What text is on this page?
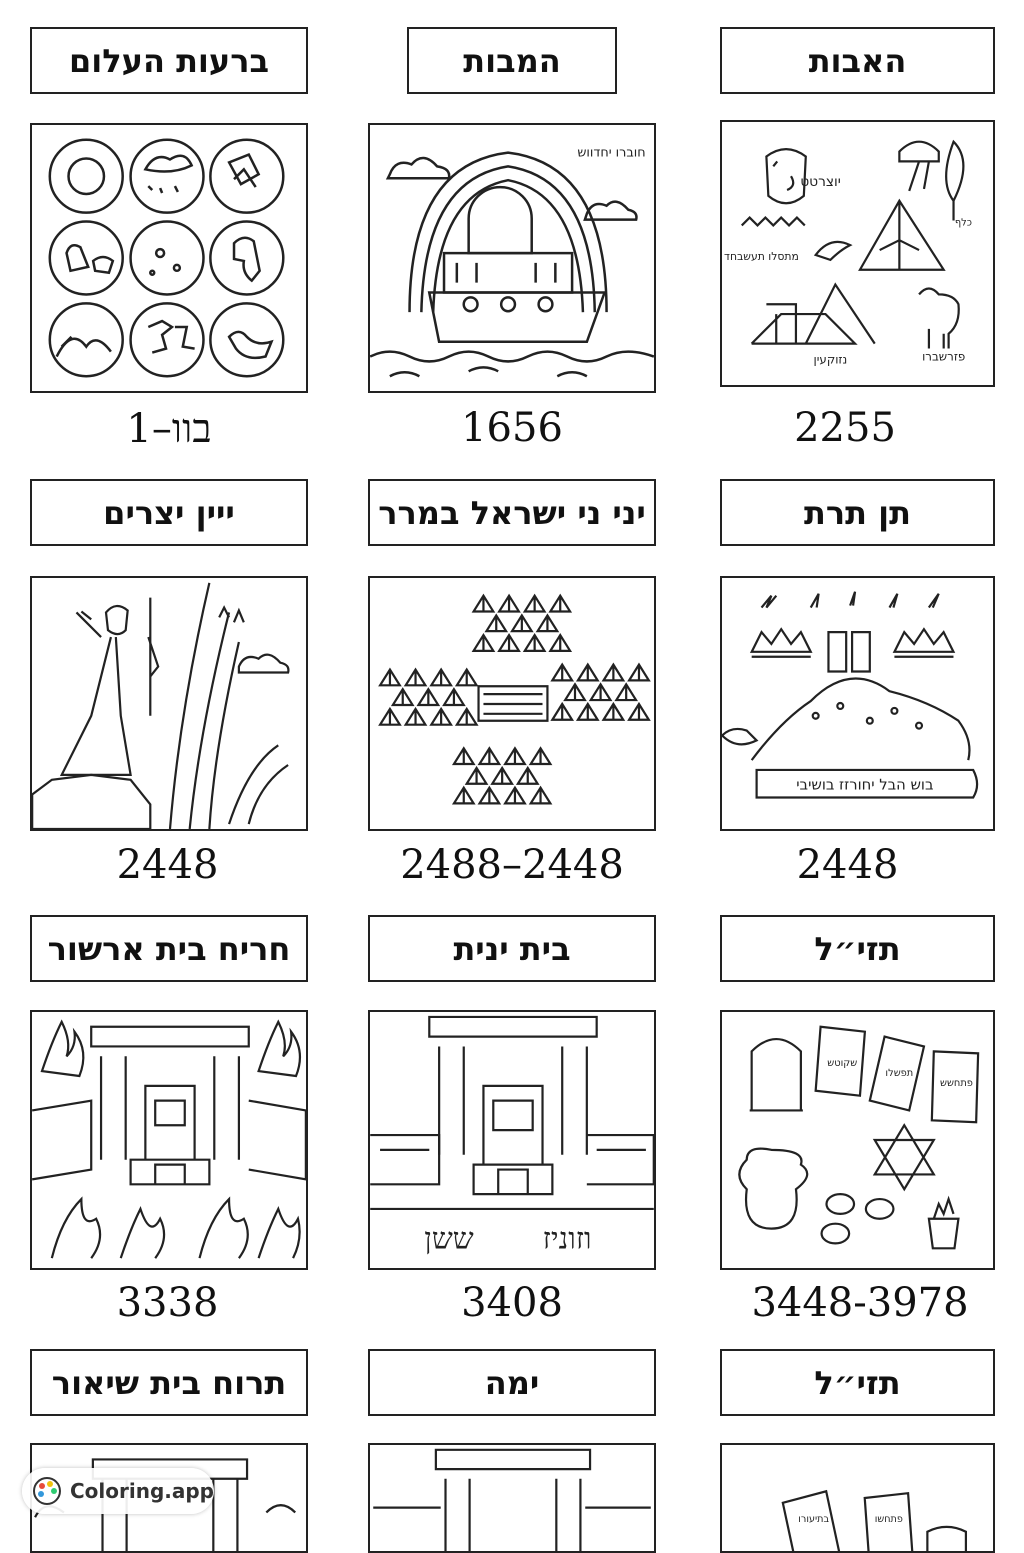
ברעות העלום	המבות	האבות
חוברו יחדווש
יוצרטט
מתסלו תעשבחד
פזרשברו
נזוקעין
כלף
1–בוו	1656	2255
ייין יצרים	יני ני ישראל במרר	תן תרת
בוש הבל יחורזז בושיבי
2448	2488–2448	2448
חריח בית ארשור	בית ינית	תזי״ל
ששן וזוניז
שקוטש
תפשלו
פתחשש
3338	3408	3448-3978
תרוח בית שיאור	ימה	תזי״ל
בתיעורו	פתחשו
Coloring.app
